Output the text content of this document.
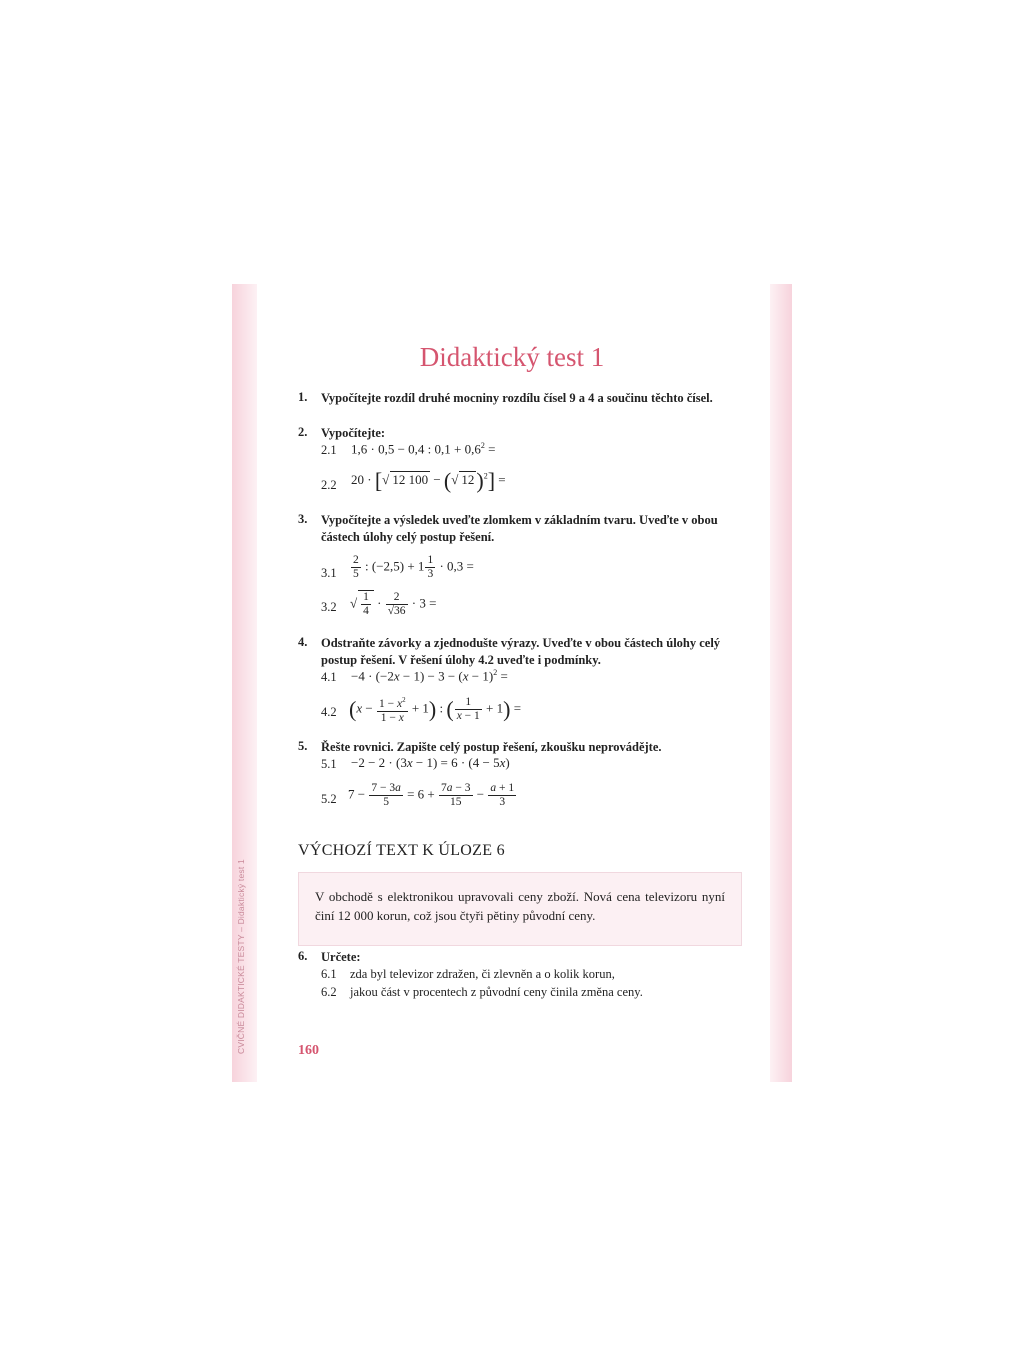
CVIČNÉ DIDAKTICKÉ TESTY – Didaktický test 1
Didaktický test 1
1. Vypočítejte rozdíl druhé mocniny rozdílu čísel 9 a 4 a součinu těchto čísel.
2. Vypočítejte:
2.1 1,6 · 0,5 − 0,4 : $0,1 + 0,6^2$ =
2.2 20 · [√ 12 100 − (√ 12)$^2$] =
3. Vypočítejte a výsledek uveďte zlomkem v základním tvaru. Uveďte v obou částech úlohy celý postup řešení.
$3.1 \frac{2}{5}$ : $(-2,5) + 1 \frac{1}{3} \cdot 0,3$ =
3.2 √ $\frac{1}{4} \cdot \frac{2}{√36} \cdot 3$ =
4. Odstraňte závorky a zjednodušte výrazy. Uveďte v obou částech úlohy celý postup řešení. V řešení úlohy 4.2 uveďte i podmínky.
$4.1 -4 \cdot (-2x - 1) - 3 - (x - 1)^2$ =
4.2 $(x - \frac{1 - x^2}{1 - x} + 1)$ : ( $\frac{1}{x - 1} + 1$) =
5. Řešte rovnici. Zapište celý postup řešení, zkoušku neprovádějte.
5.1 −2 − 2 · (3x − 1) = 6 · (4 − 5x)
5.2 $7 - \frac{7 - 3a}{5} = 6 + \frac{7a - 3}{15} - \frac{a + 1}{3}$
VÝCHOZÍ TEXT K ÚLOZE 6
V obchodě s elektronikou upravovali ceny zboží. Nová cena televizoru nyní činí 12 000 korun, což jsou čtyři pětiny původní ceny.
6. Určete:
6.1 zda byl televizor zdražen, či zlevněn a o kolik korun,
6.2 jakou část v procentech z původní ceny činila změna ceny.
160
